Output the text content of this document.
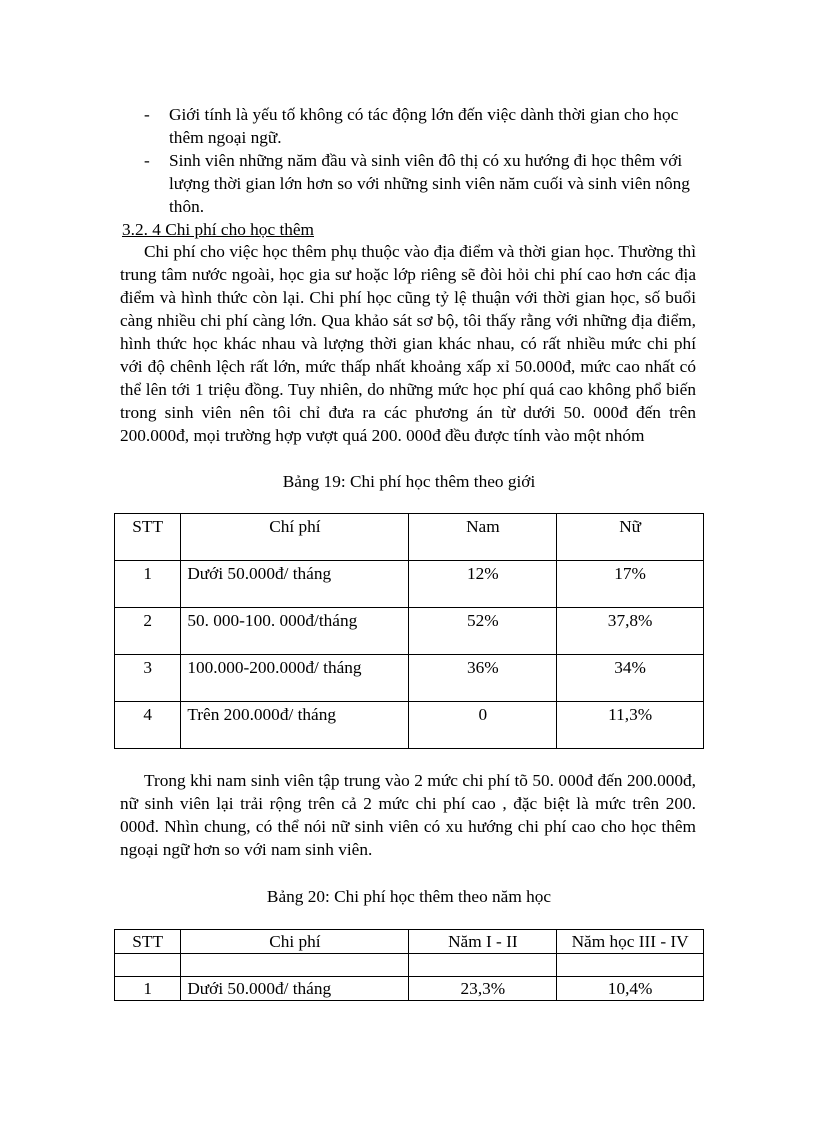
- Giới tính là yếu tố không có tác động lớn đến việc dành thời gian cho học thêm ngoại ngữ.
- Sinh viên những năm đầu và sinh viên đô thị có xu hướng đi học thêm với lượng thời gian lớn hơn so với những sinh viên năm cuối và sinh viên nông thôn.
3.2. 4 Chi phí cho học thêm

Chi phí cho việc học thêm phụ thuộc vào địa điểm và thời gian học. Thường thì trung tâm nước ngoài, học gia sư hoặc lớp riêng sẽ đòi hỏi chi phí cao hơn các địa điểm và hình thức còn lại. Chi phí học cũng tỷ lệ thuận với thời gian học, số buổi càng nhiều chi phí càng lớn. Qua khảo sát sơ bộ, tôi thấy rằng với những địa điểm, hình thức học khác nhau và lượng thời gian khác nhau, có rất nhiều mức chi phí với độ chênh lệch rất lớn, mức thấp nhất khoảng xấp xỉ 50.000đ, mức cao nhất có thể lên tới 1 triệu đồng. Tuy nhiên, do những mức học phí quá cao không phổ biến trong sinh viên nên tôi chỉ đưa ra các phương án từ dưới 50. 000đ đến trên 200.000đ, mọi trường hợp vượt quá 200. 000đ đều được tính vào một nhóm

Bảng 19: Chi phí học thêm theo giới

STT	Chí phí	Nam	Nữ
1	Dưới 50.000đ/ tháng	12%	17%
2	50. 000-100. 000đ/tháng	52%	37,8%
3	100.000-200.000đ/ tháng	36%	34%
4	Trên 200.000đ/ tháng	0	11,3%

Trong khi nam sinh viên tập trung vào 2 mức chi phí tõ 50. 000đ đến 200.000đ, nữ sinh viên lại trải rộng trên cả 2 mức chi phí cao , đặc biệt là mức trên 200. 000đ. Nhìn chung, có thể nói nữ sinh viên có xu hướng chi phí cao cho học thêm ngoại ngữ hơn so với nam sinh viên.

Bảng 20: Chi phí học thêm theo năm học

STT	Chi phí	Năm I - II	Năm học III - IV

1	Dưới 50.000đ/ tháng	23,3%	10,4%
